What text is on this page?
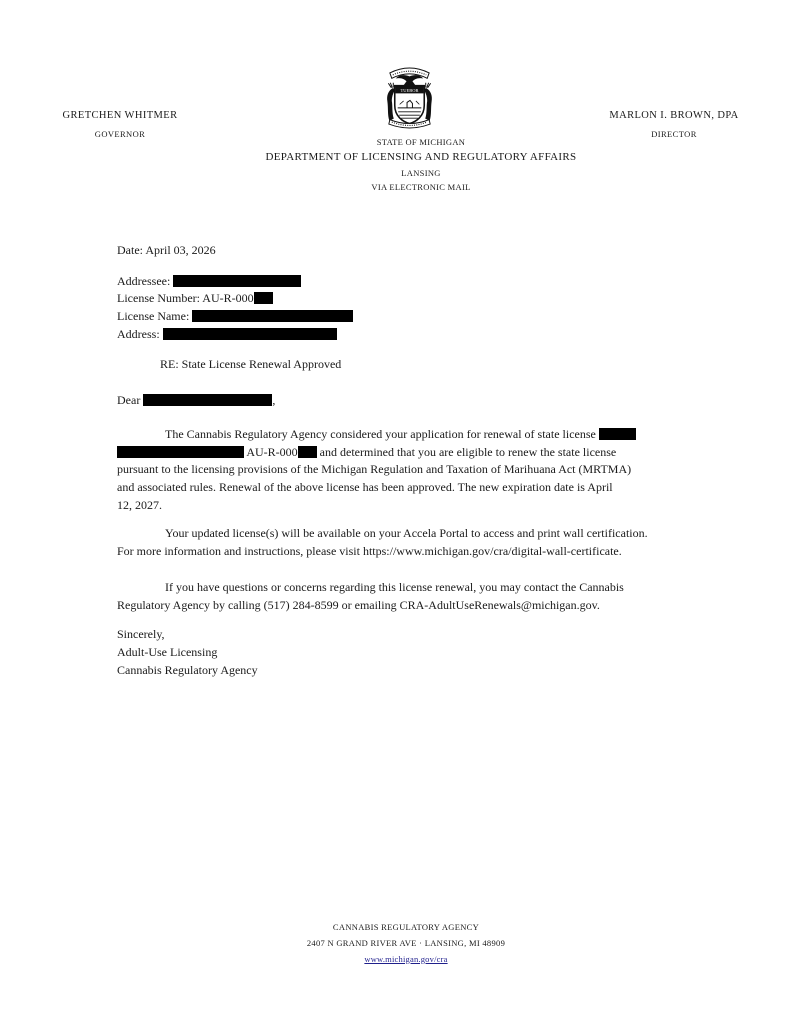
GRETCHEN WHITMER
GOVERNOR
TUEBOR
STATE OF MICHIGAN
DEPARTMENT OF LICENSING AND REGULATORY AFFAIRS
LANSING
VIA ELECTRONIC MAIL
MARLON I. BROWN, DPA
DIRECTOR
Date: April 03, 2026
Addressee:
License Number: AU-R-000
License Name:
Address:
RE: State License Renewal Approved
Dear	,
The Cannabis Regulatory Agency considered your application for renewal of state license
AU-R-000 and determined that you are eligible to renew the state license
pursuant to the licensing provisions of the Michigan Regulation and Taxation of Marihuana Act (MRTMA)
and associated rules. Renewal of the above license has been approved. The new expiration date is April
12, 2027.
Your updated license(s) will be available on your Accela Portal to access and print wall certification.
For more information and instructions, please visit https://www.michigan.gov/cra/digital-wall-certificate.
If you have questions or concerns regarding this license renewal, you may contact the Cannabis
Regulatory Agency by calling (517) 284-8599 or emailing CRA-AdultUseRenewals@michigan.gov.
Sincerely,
Adult-Use Licensing
Cannabis Regulatory Agency
CANNABIS REGULATORY AGENCY
2407 N GRAND RIVER AVE · LANSING, MI 48909
www.michigan.gov/cra
